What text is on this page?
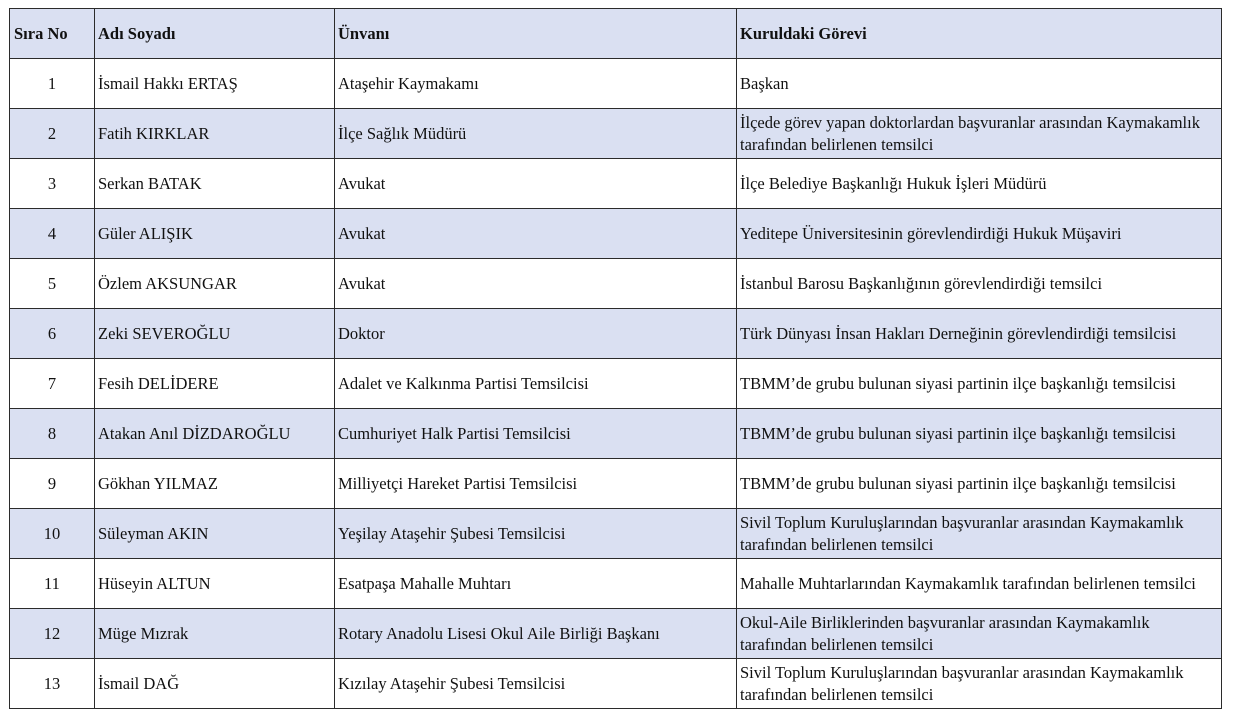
Sıra No	Adı Soyadı	Ünvanı	Kuruldaki Görevi
1	İsmail Hakkı ERTAŞ	Ataşehir Kaymakamı	Başkan
2	Fatih KIRKLAR	İlçe Sağlık Müdürü	İlçede görev yapan doktorlardan başvuranlar arasından Kaymakamlık tarafından belirlenen temsilci
3	Serkan BATAK	Avukat	İlçe Belediye Başkanlığı Hukuk İşleri Müdürü
4	Güler ALIŞIK	Avukat	Yeditepe Üniversitesinin görevlendirdiği Hukuk Müşaviri
5	Özlem AKSUNGAR	Avukat	İstanbul Barosu Başkanlığının görevlendirdiği temsilci
6	Zeki SEVEROĞLU	Doktor	Türk Dünyası İnsan Hakları Derneğinin görevlendirdiği temsilcisi
7	Fesih DELİDERE	Adalet ve Kalkınma Partisi Temsilcisi	TBMM’de grubu bulunan siyasi partinin ilçe başkanlığı temsilcisi
8	Atakan Anıl DİZDAROĞLU	Cumhuriyet Halk Partisi Temsilcisi	TBMM’de grubu bulunan siyasi partinin ilçe başkanlığı temsilcisi
9	Gökhan YILMAZ	Milliyetçi Hareket Partisi Temsilcisi	TBMM’de grubu bulunan siyasi partinin ilçe başkanlığı temsilcisi
10	Süleyman AKIN	Yeşilay Ataşehir Şubesi Temsilcisi	Sivil Toplum Kuruluşlarından başvuranlar arasından Kaymakamlık tarafından belirlenen temsilci
11	Hüseyin ALTUN	Esatpaşa Mahalle Muhtarı	Mahalle Muhtarlarından Kaymakamlık tarafından belirlenen temsilci
12	Müge Mızrak	Rotary Anadolu Lisesi Okul Aile Birliği Başkanı	Okul-Aile Birliklerinden başvuranlar arasından Kaymakamlık tarafından belirlenen temsilci
13	İsmail DAĞ	Kızılay Ataşehir Şubesi Temsilcisi	Sivil Toplum Kuruluşlarından başvuranlar arasından Kaymakamlık tarafından belirlenen temsilci
